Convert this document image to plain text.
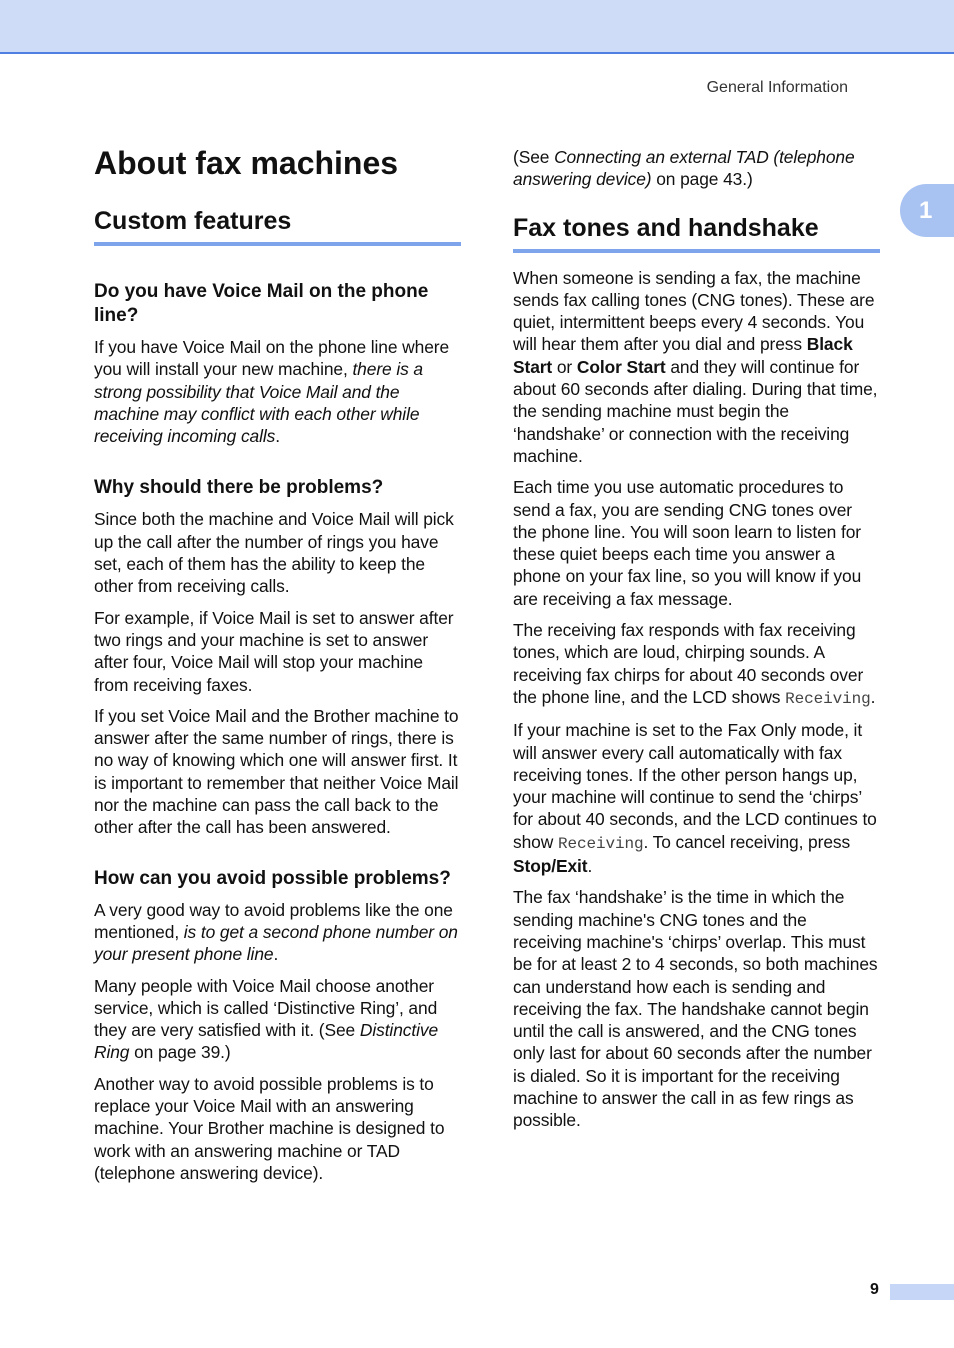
General Information
1
About fax machines
Custom features
Do you have Voice Mail on the phone line?

If you have Voice Mail on the phone line where you will install your new machine, there is a strong possibility that Voice Mail and the machine may conflict with each other while receiving incoming calls.

Why should there be problems?

Since both the machine and Voice Mail will pick up the call after the number of rings you have set, each of them has the ability to keep the other from receiving calls.

For example, if Voice Mail is set to answer after two rings and your machine is set to answer after four, Voice Mail will stop your machine from receiving faxes.

If you set Voice Mail and the Brother machine to answer after the same number of rings, there is no way of knowing which one will answer first. It is important to remember that neither Voice Mail nor the machine can pass the call back to the other after the call has been answered.

How can you avoid possible problems?

A very good way to avoid problems like the one mentioned, is to get a second phone number on your present phone line.

Many people with Voice Mail choose another service, which is called ‘Distinctive Ring’, and they are very satisfied with it. (See Distinctive Ring on page 39.)

Another way to avoid possible problems is to replace your Voice Mail with an answering machine. Your Brother machine is designed to work with an answering machine or TAD (telephone answering device).

(See Connecting an external TAD (telephone answering device) on page 43.)

Fax tones and handshake

When someone is sending a fax, the machine sends fax calling tones (CNG tones). These are quiet, intermittent beeps every 4 seconds. You will hear them after you dial and press Black Start or Color Start and they will continue for about 60 seconds after dialing. During that time, the sending machine must begin the ‘handshake’ or connection with the receiving machine.

Each time you use automatic procedures to send a fax, you are sending CNG tones over the phone line. You will soon learn to listen for these quiet beeps each time you answer a phone on your fax line, so you will know if you are receiving a fax message.

The receiving fax responds with fax receiving tones, which are loud, chirping sounds. A receiving fax chirps for about 40 seconds over the phone line, and the LCD shows Receiving.

If your machine is set to the Fax Only mode, it will answer every call automatically with fax receiving tones. If the other person hangs up, your machine will continue to send the ‘chirps’ for about 40 seconds, and the LCD continues to show Receiving. To cancel receiving, press Stop/Exit.

The fax ‘handshake’ is the time in which the sending machine's CNG tones and the receiving machine's ‘chirps’ overlap. This must be for at least 2 to 4 seconds, so both machines can understand how each is sending and receiving the fax. The handshake cannot begin until the call is answered, and the CNG tones only last for about 60 seconds after the number is dialed. So it is important for the receiving machine to answer the call in as few rings as possible.

9
